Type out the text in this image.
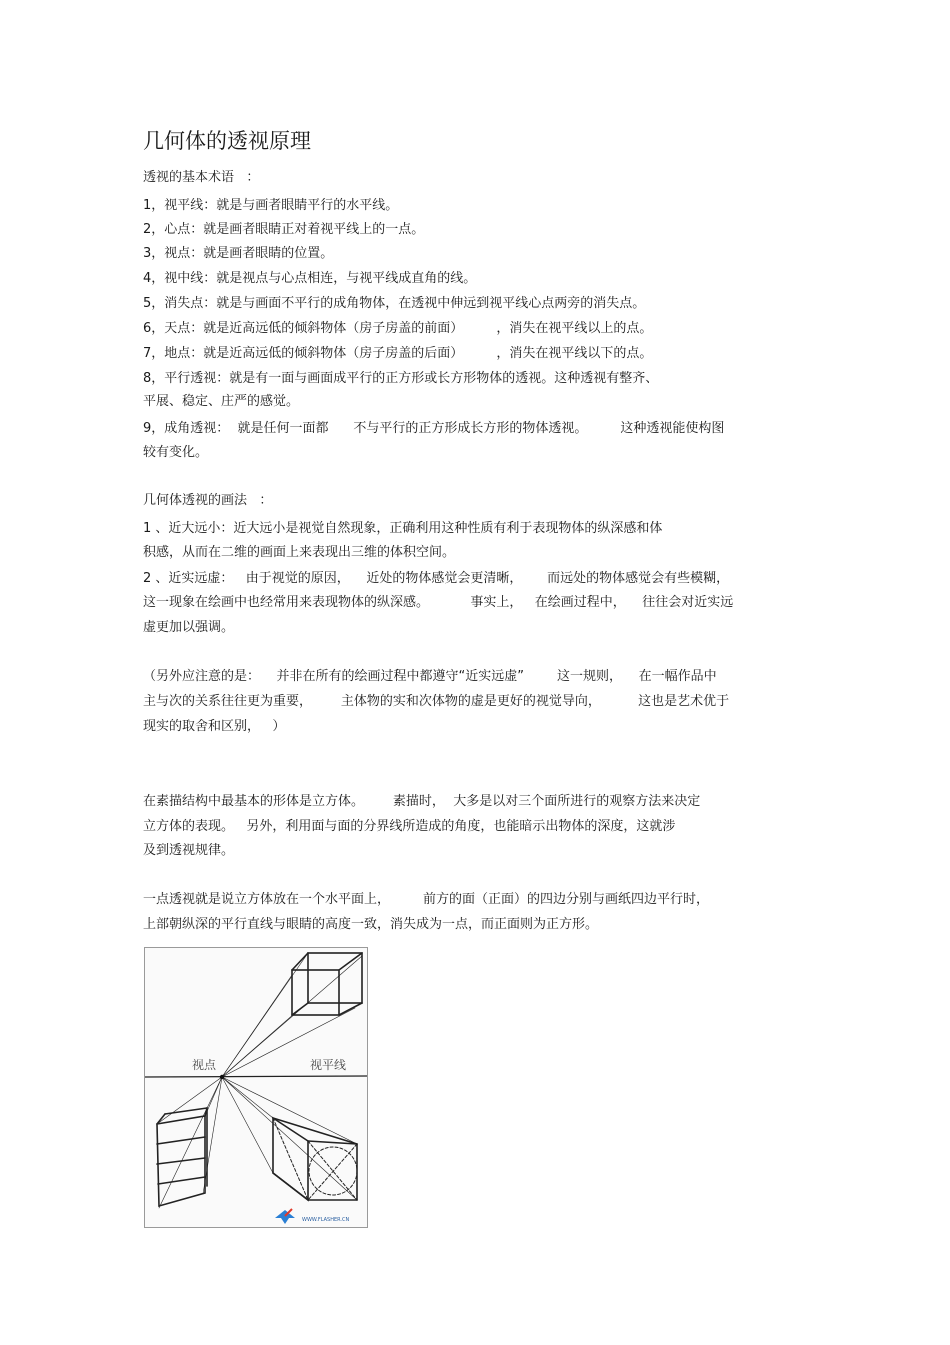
几何体的透视原理
透视的基本术语   ：
1，视平线：就是与画者眼睛平行的水平线。
2，心点：就是画者眼睛正对着视平线上的一点。
3，视点：就是画者眼睛的位置。
4，视中线：就是视点与心点相连，与视平线成直角的线。
5，消失点：就是与画面不平行的成角物体，在透视中伸远到视平线心点两旁的消失点。
6，天点：就是近高远低的倾斜物体（房子房盖的前面）        ，消失在视平线以上的点。
7，地点：就是近高远低的倾斜物体（房子房盖的后面）        ，消失在视平线以下的点。
8，平行透视：就是有一面与画面成平行的正方形或长方形物体的透视。这种透视有整齐、
平展、稳定、庄严的感觉。
9，成角透视：  就是任何一面都      不与平行的正方形成长方形的物体透视。        这种透视能使构图
较有变化。
几何体透视的画法   ：
1 、近大远小：近大远小是视觉自然现象，正确利用这种性质有利于表现物体的纵深感和体
积感，从而在二维的画面上来表现出三维的体积空间。
2 、近实远虚：   由于视觉的原因，    近处的物体感觉会更清晰，      而远处的物体感觉会有些模糊，
这一现象在绘画中也经常用来表现物体的纵深感。          事实上，   在绘画过程中，    往往会对近实远
虚更加以强调。
（另外应注意的是：    并非在所有的绘画过程中都遵守“近实远虚”        这一规则，    在一幅作品中
主与次的关系往往更为重要，       主体物的实和次体物的虚是更好的视觉导向，         这也是艺术优于
现实的取舍和区别，   ）
在素描结构中最基本的形体是立方体。       素描时，  大多是以对三个面所进行的观察方法来决定
立方体的表现。   另外，利用面与面的分界线所造成的角度，也能暗示出物体的深度，这就涉
及到透视规律。
一点透视就是说立方体放在一个水平面上，        前方的面（正面）的四边分别与画纸四边平行时，
上部朝纵深的平行直线与眼睛的高度一致，消失成为一点，而正面则为正方形。
视点	视平线
WWW.FLASHER.CN
